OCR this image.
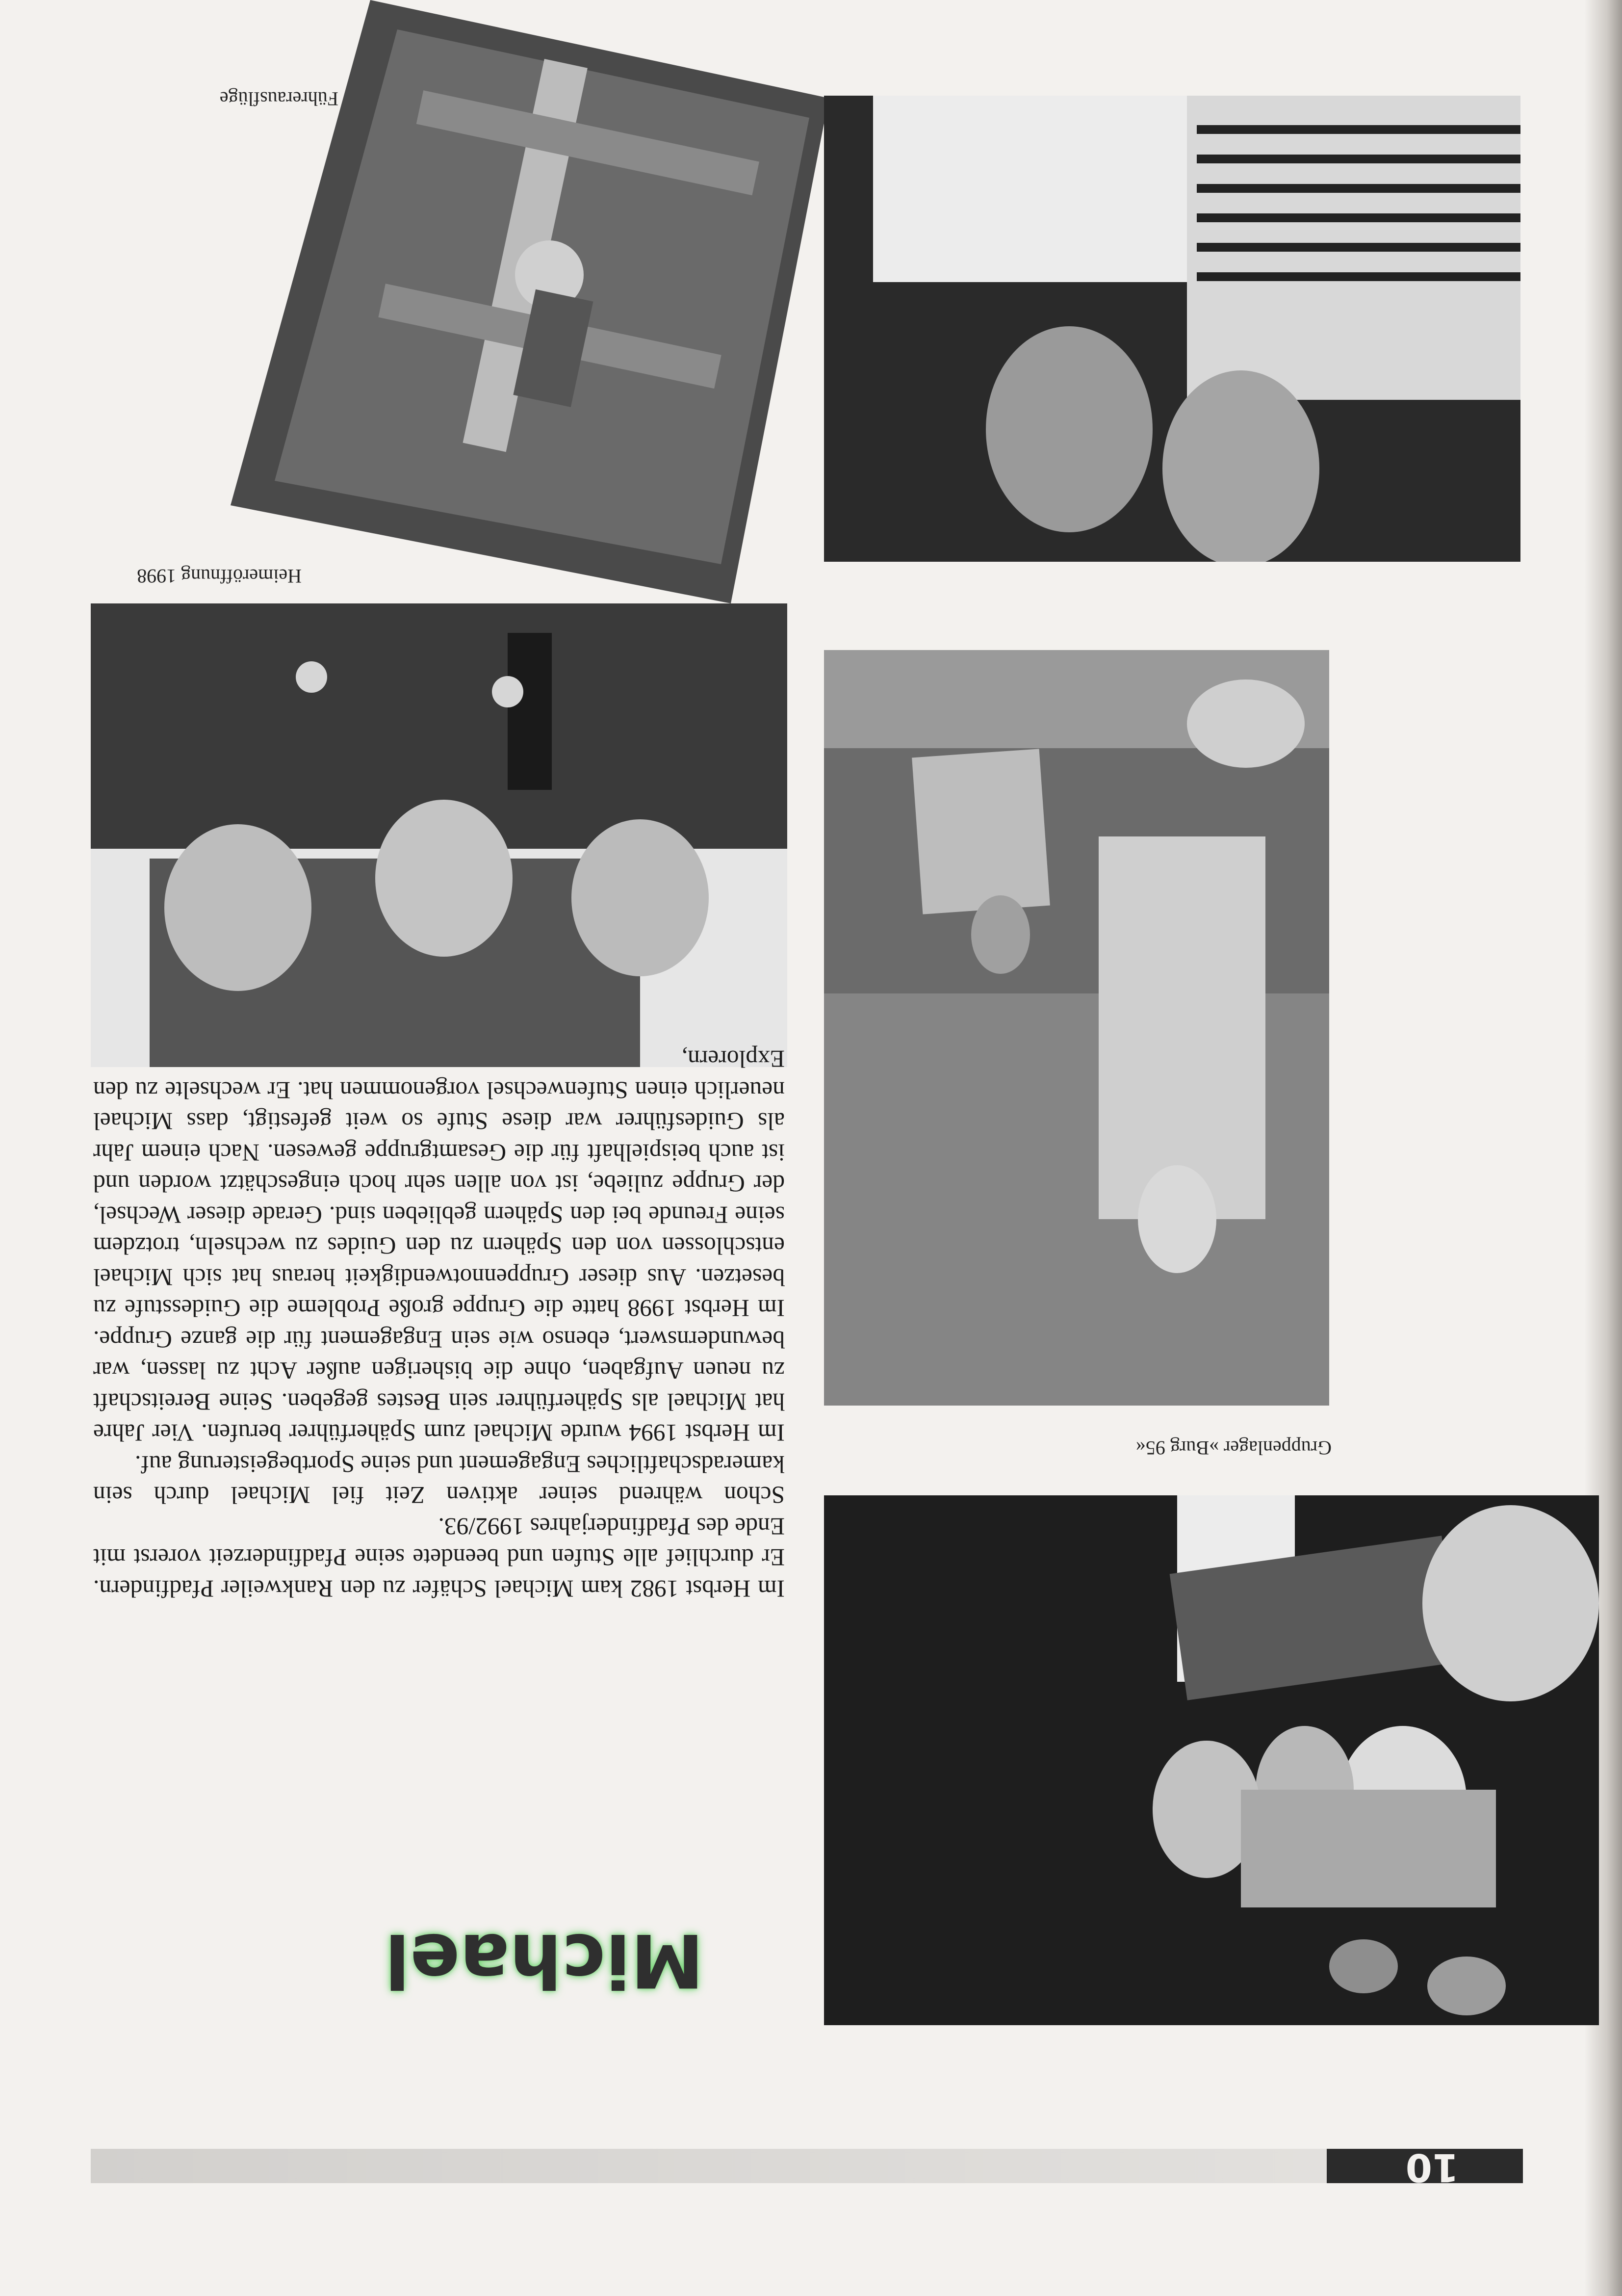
Führerausflüge
Heimeröffnung 1998
Gruppenlager »Burg 95«
Michael

Im Herbst 1982 kam Michael Schäfer zu den Rankweiler Pfadfindern. Er durchlief alle Stufen und beendete seine Pfadfinderzeit vorerst mit Ende des Pfadfinderjahres 1992/93.

Schon während seiner aktiven Zeit fiel Michael durch sein kameradschaftliches Engagement und seine Sportbegeisterung auf.

Im Herbst 1994 wurde Michael zum Späherführer berufen. Vier Jahre hat Michael als Späherführer sein Bestes gegeben. Seine Bereitschaft zu neuen Aufgaben, ohne die bisherigen außer Acht zu lassen, war bewundernswert, ebenso wie sein Engagement für die ganze Gruppe. Im Herbst 1998 hatte die Gruppe große Probleme die Guidesstufe zu besetzen. Aus dieser Gruppennotwendigkeit heraus hat sich Michael entschlossen von den Spähern zu den Guides zu wechseln, trotzdem seine Freunde bei den Spähern geblieben sind. Gerade dieser Wechsel, der Gruppe zuliebe, ist von allen sehr hoch eingeschätzt worden und ist auch beispielhaft für die Gesamtgruppe gewesen. Nach einem Jahr als Guidesführer war diese Stufe so weit gefestigt, dass Michael neuerlich einen Stufenwechsel vorgenommen hat. Er wechselte zu den Explorern,

10
